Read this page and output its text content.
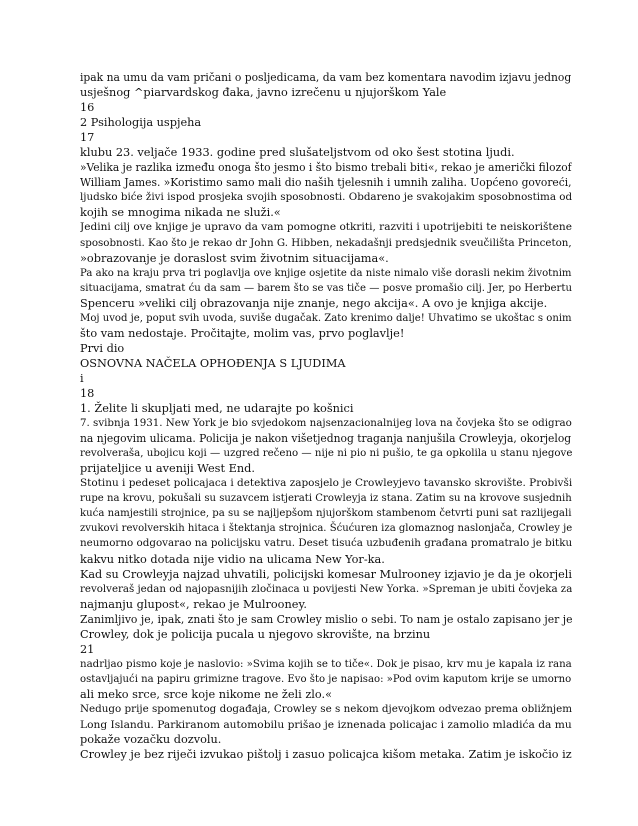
ipak na umu da vam pričani o posljedicama, da vam bez komentara navodim izjavu jednog
usješnog ^piarvardskog đaka, javno izrečenu u njujorškom Yale
16
2 Psihologija uspjeha
17
klubu 23. veljače 1933. godine pred slušateljstvom od oko šest stotina ljudi.
»Velika je razlika između onoga što jesmo i što bismo trebali biti«, rekao je američki filozof
William James. »Koristimo samo mali dio naših tjelesnih i umnih zaliha. Uopćeno govoreći,
ljudsko biće živi ispod prosjeka svojih sposobnosti. Obdareno je svakojakim sposobnostima od
kojih se mnogima nikada ne služi.«
Jedini cilj ove knjige je upravo da vam pomogne otkriti, razviti i upotrijebiti te neiskorištene
sposobnosti. Kao što je rekao dr John G. Hibben, nekadašnji predsjednik sveučilišta Princeton,
»obrazovanje je doraslost svim životnim situacijama«.
Pa ako na kraju prva tri poglavlja ove knjige osjetite da niste nimalo više dorasli nekim životnim
situacijama, smatrat ću da sam — barem što se vas tiče — posve promašio cilj. Jer, po Herbertu
Spenceru »veliki cilj obrazovanja nije znanje, nego akcija«. A ovo je knjiga akcije.
Moj uvod je, poput svih uvoda, suviše dugačak. Zato krenimo dalje! Uhvatimo se ukoštac s onim
što vam nedostaje. Pročitajte, molim vas, prvo poglavlje!
Prvi dio
OSNOVNA NAČELA OPHOĐENJA S LJUDIMA
i
18
1. Želite li skupljati med, ne udarajte po košnici
7. svibnja 1931. New York je bio svjedokom najsenzacionalnijeg lova na čovjeka što se odigrao
na njegovim ulicama. Policija je nakon višetjednog traganja nanjušila Crowleyja, okorjelog
revolveraša, ubojicu koji — uzgred rečeno — nije ni pio ni pušio, te ga opkolila u stanu njegove
prijateljice u aveniji West End.
Stotinu i pedeset policajaca i detektiva zaposjelo je Crowleyjevo tavansko skrovište. Probivši
rupe na krovu, pokušali su suzavcem istjerati Crowleyja iz stana. Zatim su na krovove susjednih
kuća namjestili strojnice, pa su se najljepšom njujorškom stambenom četvrti puni sat razlijegali
zvukovi revolverskih hitaca i štektanja strojnica. Šćućuren iza glomaznog naslonjača, Crowley je
neumorno odgovarao na policijsku vatru. Deset tisuća uzbuđenih građana promatralo je bitku
kakvu nitko dotada nije vidio na ulicama New Yor-ka.
Kad su Crowleyja najzad uhvatili, policijski komesar Mulrooney izjavio je da je okorjeli
revolveraš jedan od najopasnijih zločinaca u povijesti New Yorka. »Spreman je ubiti čovjeka za
najmanju glupost«, rekao je Mulrooney.
Zanimljivo je, ipak, znati što je sam Crowley mislio o sebi. To nam je ostalo zapisano jer je
Crowley, dok je policija pucala u njegovo skrovište, na brzinu
21
nadrljao pismo koje je naslovio: »Svima kojih se to tiče«. Dok je pisao, krv mu je kapala iz rana
ostavljajući na papiru grimizne tragove. Evo što je napisao: »Pod ovim kaputom krije se umorno
ali meko srce, srce koje nikome ne želi zlo.«
Nedugo prije spomenutog događaja, Crowley se s nekom djevojkom odvezao prema obližnjem
Long Islandu. Parkiranom automobilu prišao je iznenada policajac i zamolio mladića da mu
pokaže vozačku dozvolu.
Crowley je bez riječi izvukao pištolj i zasuo policajca kišom metaka. Zatim je iskočio iz
